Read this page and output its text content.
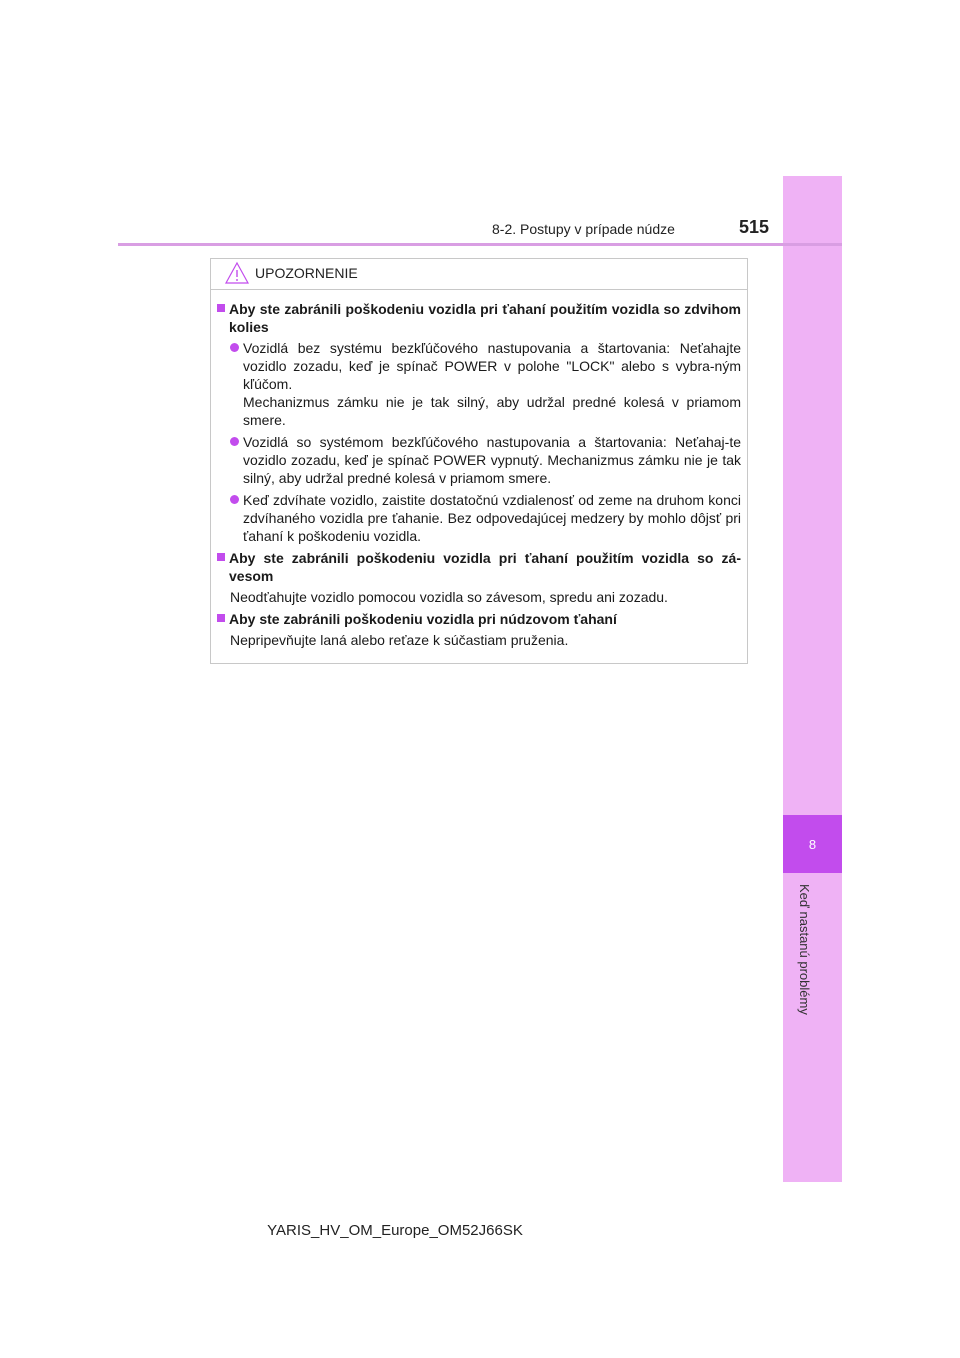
8
Keď nastanú problémy
8-2. Postupy v prípade núdze	515
UPOZORNENIE
Aby ste zabránili poškodeniu vozidla pri ťahaní použitím vozidla so zdvihom kolies

Vozidlá bez systému bezkľúčového nastupovania a štartovania: Neťahajte vozidlo zozadu, keď je spínač POWER v polohe "LOCK" alebo s vybra-ným kľúčom.

Mechanizmus zámku nie je tak silný, aby udržal predné kolesá v priamom smere.

Vozidlá so systémom bezkľúčového nastupovania a štartovania: Neťahaj-te vozidlo zozadu, keď je spínač POWER vypnutý. Mechanizmus zámku nie je tak silný, aby udržal predné kolesá v priamom smere.

Keď zdvíhate vozidlo, zaistite dostatočnú vzdialenosť od zeme na druhom konci zdvíhaného vozidla pre ťahanie. Bez odpovedajúcej medzery by mohlo dôjsť pri ťahaní k poškodeniu vozidla.

Aby ste zabránili poškodeniu vozidla pri ťahaní použitím vozidla so zá-vesom
Neodťahujte vozidlo pomocou vozidla so závesom, spredu ani zozadu.
Aby ste zabránili poškodeniu vozidla pri núdzovom ťahaní
Nepripevňujte laná alebo reťaze k súčastiam pruženia.
YARIS_HV_OM_Europe_OM52J66SK
